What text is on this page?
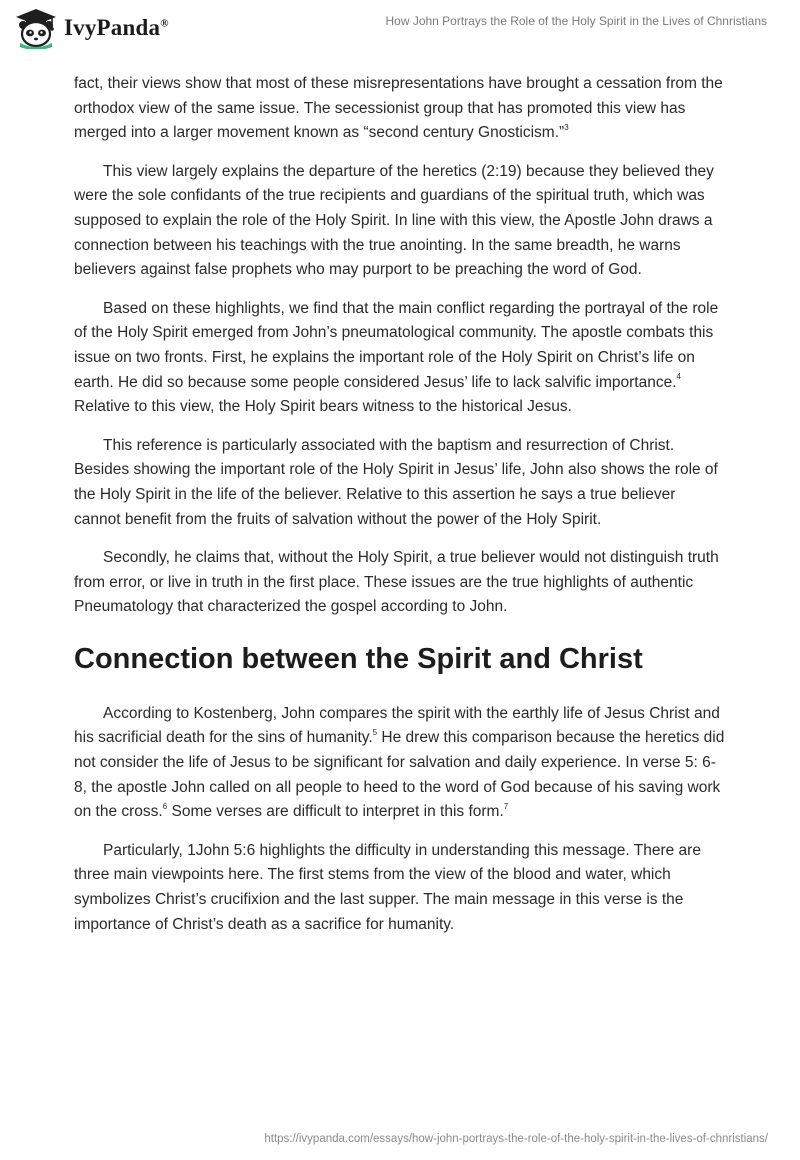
IvyPanda®	How John Portrays the Role of the Holy Spirit in the Lives of Chnristians

fact, their views show that most of these misrepresentations have brought a cessation from the orthodox view of the same issue. The secessionist group that has promoted this view has merged into a larger movement known as “second century Gnosticism.”$^3$

This view largely explains the departure of the heretics (2:19) because they believed they were the sole confidants of the true recipients and guardians of the spiritual truth, which was supposed to explain the role of the Holy Spirit. In line with this view, the Apostle John draws a connection between his teachings with the true anointing. In the same breadth, he warns believers against false prophets who may purport to be preaching the word of God.

Based on these highlights, we find that the main conflict regarding the portrayal of the role of the Holy Spirit emerged from John’s pneumatological community. The apostle combats this issue on two fronts. First, he explains the important role of the Holy Spirit on Christ’s life on earth. He did so because some people considered Jesus’ life to lack salvific importance.$^4$ Relative to this view, the Holy Spirit bears witness to the historical Jesus.

This reference is particularly associated with the baptism and resurrection of Christ. Besides showing the important role of the Holy Spirit in Jesus’ life, John also shows the role of the Holy Spirit in the life of the believer. Relative to this assertion he says a true believer cannot benefit from the fruits of salvation without the power of the Holy Spirit.

Secondly, he claims that, without the Holy Spirit, a true believer would not distinguish truth from error, or live in truth in the first place. These issues are the true highlights of authentic Pneumatology that characterized the gospel according to John.

Connection between the Spirit and Christ

According to Kostenberg, John compares the spirit with the earthly life of Jesus Christ and his sacrificial death for the sins of humanity.$^5$ He drew this comparison because the heretics did not consider the life of Jesus to be significant for salvation and daily experience. In verse 5: 6-8, the apostle John called on all people to heed to the word of God because of his saving work on the cross.$^6$ Some verses are difficult to interpret in this form.$^7$

Particularly, 1John 5:6 highlights the difficulty in understanding this message. There are three main viewpoints here. The first stems from the view of the blood and water, which symbolizes Christ’s crucifixion and the last supper. The main message in this verse is the importance of Christ’s death as a sacrifice for humanity.

https://ivypanda.com/essays/how-john-portrays-the-role-of-the-holy-spirit-in-the-lives-of-chnristians/
